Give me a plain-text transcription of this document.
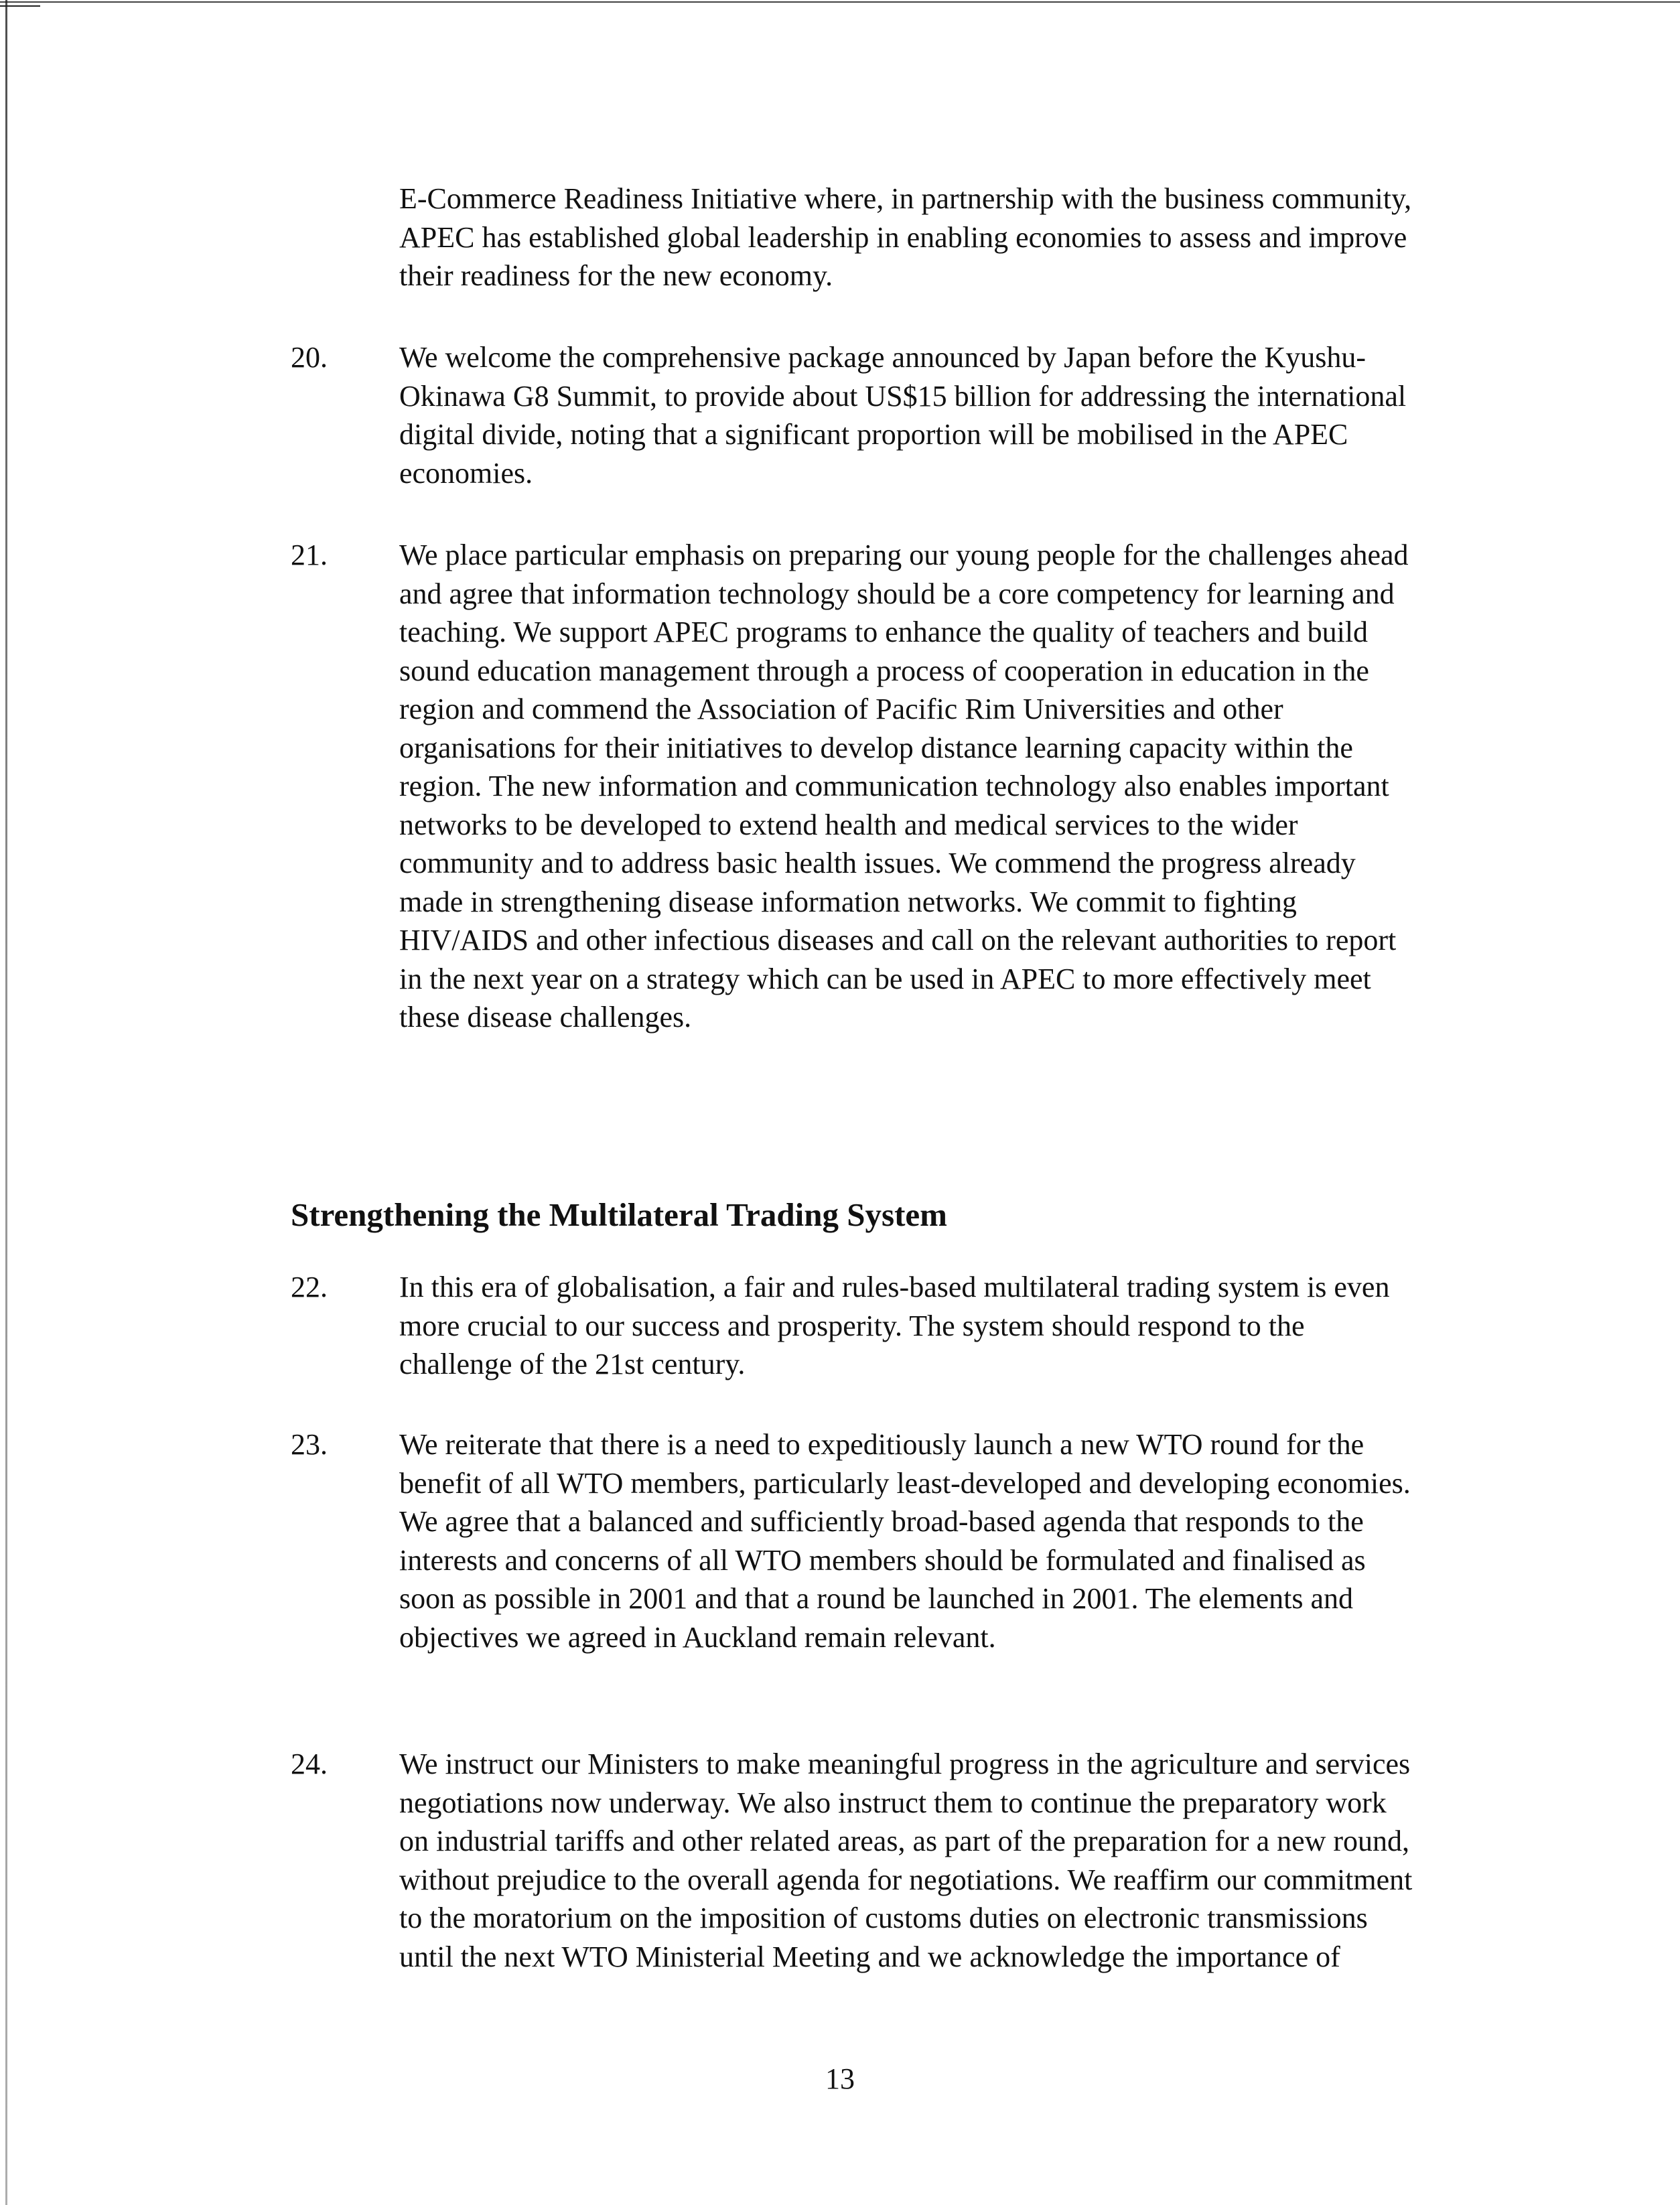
E-Commerce Readiness Initiative where, in partnership with the business community, APEC has established global leadership in enabling economies to assess and improve their readiness for the new economy.
20. We welcome the comprehensive package announced by Japan before the Kyushu-Okinawa G8 Summit, to provide about US$15 billion for addressing the international digital divide, noting that a significant proportion will be mobilised in the APEC economies.
21. We place particular emphasis on preparing our young people for the challenges ahead and agree that information technology should be a core competency for learning and teaching. We support APEC programs to enhance the quality of teachers and build sound education management through a process of cooperation in education in the region and commend the Association of Pacific Rim Universities and other organisations for their initiatives to develop distance learning capacity within the region. The new information and communication technology also enables important networks to be developed to extend health and medical services to the wider community and to address basic health issues. We commend the progress already made in strengthening disease information networks. We commit to fighting HIV/AIDS and other infectious diseases and call on the relevant authorities to report in the next year on a strategy which can be used in APEC to more effectively meet these disease challenges.
Strengthening the Multilateral Trading System
22. In this era of globalisation, a fair and rules-based multilateral trading system is even more crucial to our success and prosperity. The system should respond to the challenge of the 21st century.
23. We reiterate that there is a need to expeditiously launch a new WTO round for the benefit of all WTO members, particularly least-developed and developing economies. We agree that a balanced and sufficiently broad-based agenda that responds to the interests and concerns of all WTO members should be formulated and finalised as soon as possible in 2001 and that a round be launched in 2001. The elements and objectives we agreed in Auckland remain relevant.
24. We instruct our Ministers to make meaningful progress in the agriculture and services negotiations now underway. We also instruct them to continue the preparatory work on industrial tariffs and other related areas, as part of the preparation for a new round, without prejudice to the overall agenda for negotiations. We reaffirm our commitment to the moratorium on the imposition of customs duties on electronic transmissions until the next WTO Ministerial Meeting and we acknowledge the importance of
13
